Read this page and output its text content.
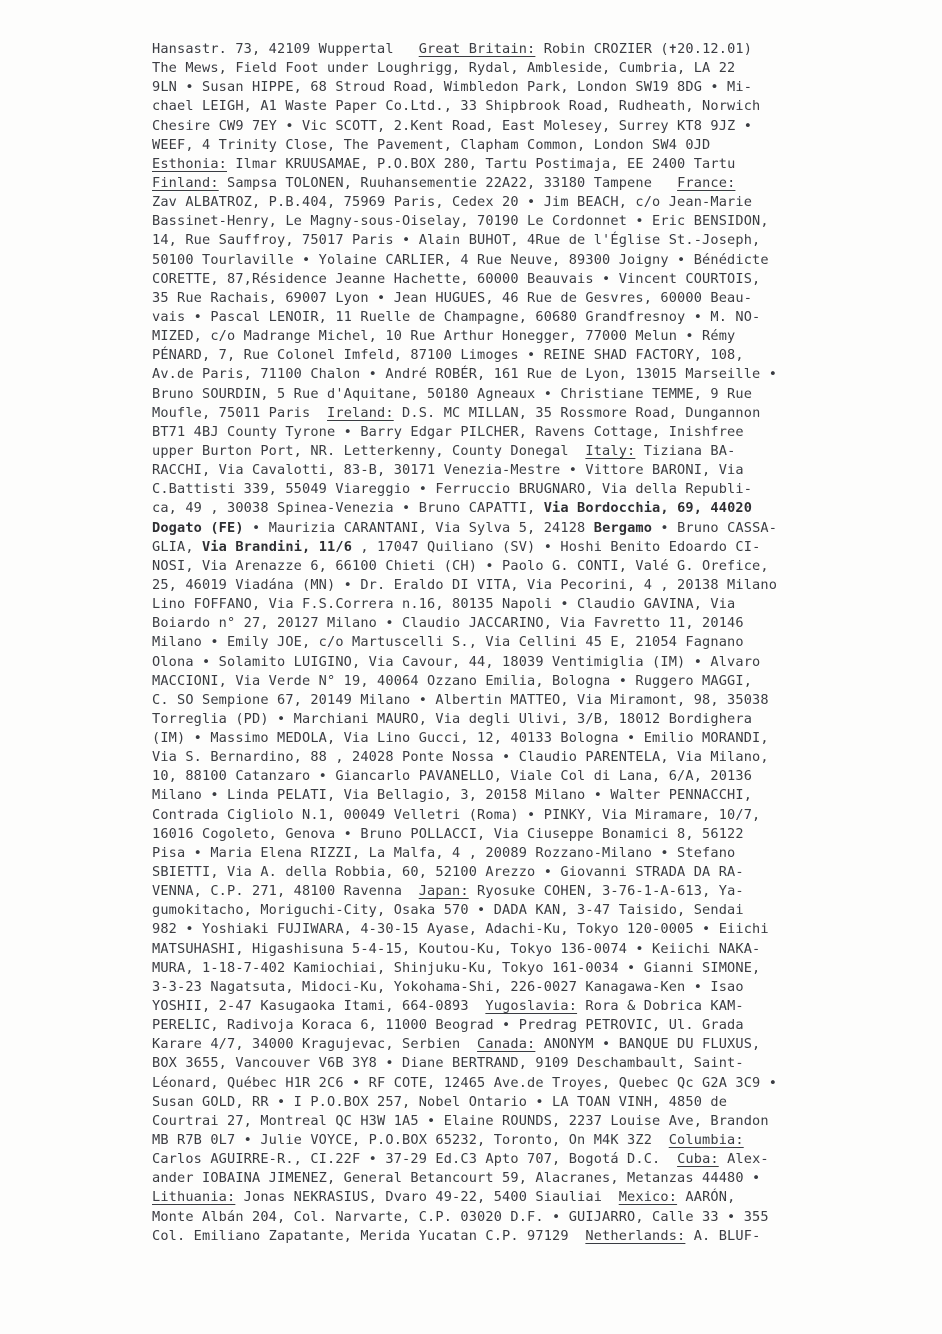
Hansastr. 73, 42109 Wuppertal   Great Britain: Robin CROZIER (✝20.12.01)
The Mews, Field Foot under Loughrigg, Rydal, Ambleside, Cumbria, LA 22
9LN • Susan HIPPE, 68 Stroud Road, Wimbledon Park, London SW19 8DG • Mi-
chael LEIGH, A1 Waste Paper Co.Ltd., 33 Shipbrook Road, Rudheath, Norwich
Chesire CW9 7EY • Vic SCOTT, 2.Kent Road, East Molesey, Surrey KT8 9JZ •
WEEF, 4 Trinity Close, The Pavement, Clapham Common, London SW4 0JD
Esthonia: Ilmar KRUUSAMAE, P.O.BOX 280, Tartu Postimaja, EE 2400 Tartu
Finland: Sampsa TOLONEN, Ruuhansementie 22A22, 33180 Tampene   France:
Zav ALBATROZ, P.B.404, 75969 Paris, Cedex 20 • Jim BEACH, c/o Jean-Marie
Bassinet-Henry, Le Magny-sous-Oiselay, 70190 Le Cordonnet • Eric BENSIDON,
14, Rue Sauffroy, 75017 Paris • Alain BUHOT, 4Rue de l'Église St.-Joseph,
50100 Tourlaville • Yolaine CARLIER, 4 Rue Neuve, 89300 Joigny • Bénédicte
CORETTE, 87,Résidence Jeanne Hachette, 60000 Beauvais • Vincent COURTOIS,
35 Rue Rachais, 69007 Lyon • Jean HUGUES, 46 Rue de Gesvres, 60000 Beau-
vais • Pascal LENOIR, 11 Ruelle de Champagne, 60680 Grandfresnoy • M. NO-
MIZED, c/o Madrange Michel, 10 Rue Arthur Honegger, 77000 Melun • Rémy
PÉNARD, 7, Rue Colonel Imfeld, 87100 Limoges • REINE SHAD FACTORY, 108,
Av.de Paris, 71100 Chalon • André ROBÉR, 161 Rue de Lyon, 13015 Marseille •
Bruno SOURDIN, 5 Rue d'Aquitane, 50180 Agneaux • Christiane TEMME, 9 Rue
Moufle, 75011 Paris  Ireland: D.S. MC MILLAN, 35 Rossmore Road, Dungannon
BT71 4BJ County Tyrone • Barry Edgar PILCHER, Ravens Cottage, Inishfree
upper Burton Port, NR. Letterkenny, County Donegal  Italy: Tiziana BA-
RACCHI, Via Cavalotti, 83-B, 30171 Venezia-Mestre • Vittore BARONI, Via
C.Battisti 339, 55049 Viareggio • Ferruccio BRUGNARO, Via della Republi-
ca, 49 , 30038 Spinea-Venezia • Bruno CAPATTI, Via Bordocchia, 69, 44020
Dogato (FE) • Maurizia CARANTANI, Via Sylva 5, 24128 Bergamo • Bruno CASSA-
GLIA, Via Brandini, 11/6 , 17047 Quiliano (SV) • Hoshi Benito Edoardo CI-
NOSI, Via Arenazze 6, 66100 Chieti (CH) • Paolo G. CONTI, Valé G. Orefice,
25, 46019 Viadána (MN) • Dr. Eraldo DI VITA, Via Pecorini, 4 , 20138 Milano
Lino FOFFANO, Via F.S.Correra n.16, 80135 Napoli • Claudio GAVINA, Via
Boiardo n° 27, 20127 Milano • Claudio JACCARINO, Via Favretto 11, 20146
Milano • Emily JOE, c/o Martuscelli S., Via Cellini 45 E, 21054 Fagnano
Olona • Solamito LUIGINO, Via Cavour, 44, 18039 Ventimiglia (IM) • Alvaro
MACCIONI, Via Verde N° 19, 40064 Ozzano Emilia, Bologna • Ruggero MAGGI,
C. SO Sempione 67, 20149 Milano • Albertin MATTEO, Via Miramont, 98, 35038
Torreglia (PD) • Marchiani MAURO, Via degli Ulivi, 3/B, 18012 Bordighera
(IM) • Massimo MEDOLA, Via Lino Gucci, 12, 40133 Bologna • Emilio MORANDI,
Via S. Bernardino, 88 , 24028 Ponte Nossa • Claudio PARENTELA, Via Milano,
10, 88100 Catanzaro • Giancarlo PAVANELLO, Viale Col di Lana, 6/A, 20136
Milano • Linda PELATI, Via Bellagio, 3, 20158 Milano • Walter PENNACCHI,
Contrada Cigliolo N.1, 00049 Velletri (Roma) • PINKY, Via Miramare, 10/7,
16016 Cogoleto, Genova • Bruno POLLACCI, Via Ciuseppe Bonamici 8, 56122
Pisa • Maria Elena RIZZI, La Malfa, 4 , 20089 Rozzano-Milano • Stefano
SBIETTI, Via A. della Robbia, 60, 52100 Arezzo • Giovanni STRADA DA RA-
VENNA, C.P. 271, 48100 Ravenna  Japan: Ryosuke COHEN, 3-76-1-A-613, Ya-
gumokitacho, Moriguchi-City, Osaka 570 • DADA KAN, 3-47 Taisido, Sendai
982 • Yoshiaki FUJIWARA, 4-30-15 Ayase, Adachi-Ku, Tokyo 120-0005 • Eiichi
MATSUHASHI, Higashisuna 5-4-15, Koutou-Ku, Tokyo 136-0074 • Keiichi NAKA-
MURA, 1-18-7-402 Kamiochiai, Shinjuku-Ku, Tokyo 161-0034 • Gianni SIMONE,
3-3-23 Nagatsuta, Midoci-Ku, Yokohama-Shi, 226-0027 Kanagawa-Ken • Isao
YOSHII, 2-47 Kasugaoka Itami, 664-0893  Yugoslavia: Rora & Dobrica KAM-
PERELIC, Radivoja Koraca 6, 11000 Beograd • Predrag PETROVIC, Ul. Grada
Karare 4/7, 34000 Kragujevac, Serbien  Canada: ANONYM • BANQUE DU FLUXUS,
BOX 3655, Vancouver V6B 3Y8 • Diane BERTRAND, 9109 Deschambault, Saint-
Léonard, Québec H1R 2C6 • RF COTE, 12465 Ave.de Troyes, Quebec Qc G2A 3C9 •
Susan GOLD, RR • I P.O.BOX 257, Nobel Ontario • LA TOAN VINH, 4850 de
Courtrai 27, Montreal QC H3W 1A5 • Elaine ROUNDS, 2237 Louise Ave, Brandon
MB R7B 0L7 • Julie VOYCE, P.O.BOX 65232, Toronto, On M4K 3Z2  Columbia:
Carlos AGUIRRE-R., CI.22F • 37-29 Ed.C3 Apto 707, Bogotá D.C.  Cuba: Alex-
ander IOBAINA JIMENEZ, General Betancourt 59, Alacranes, Metanzas 44480 •
Lithuania: Jonas NEKRASIUS, Dvaro 49-22, 5400 Siauliai  Mexico: AARÓN,
Monte Albán 204, Col. Narvarte, C.P. 03020 D.F. • GUIJARRO, Calle 33 • 355
Col. Emiliano Zapatante, Merida Yucatan C.P. 97129  Netherlands: A. BLUF-
